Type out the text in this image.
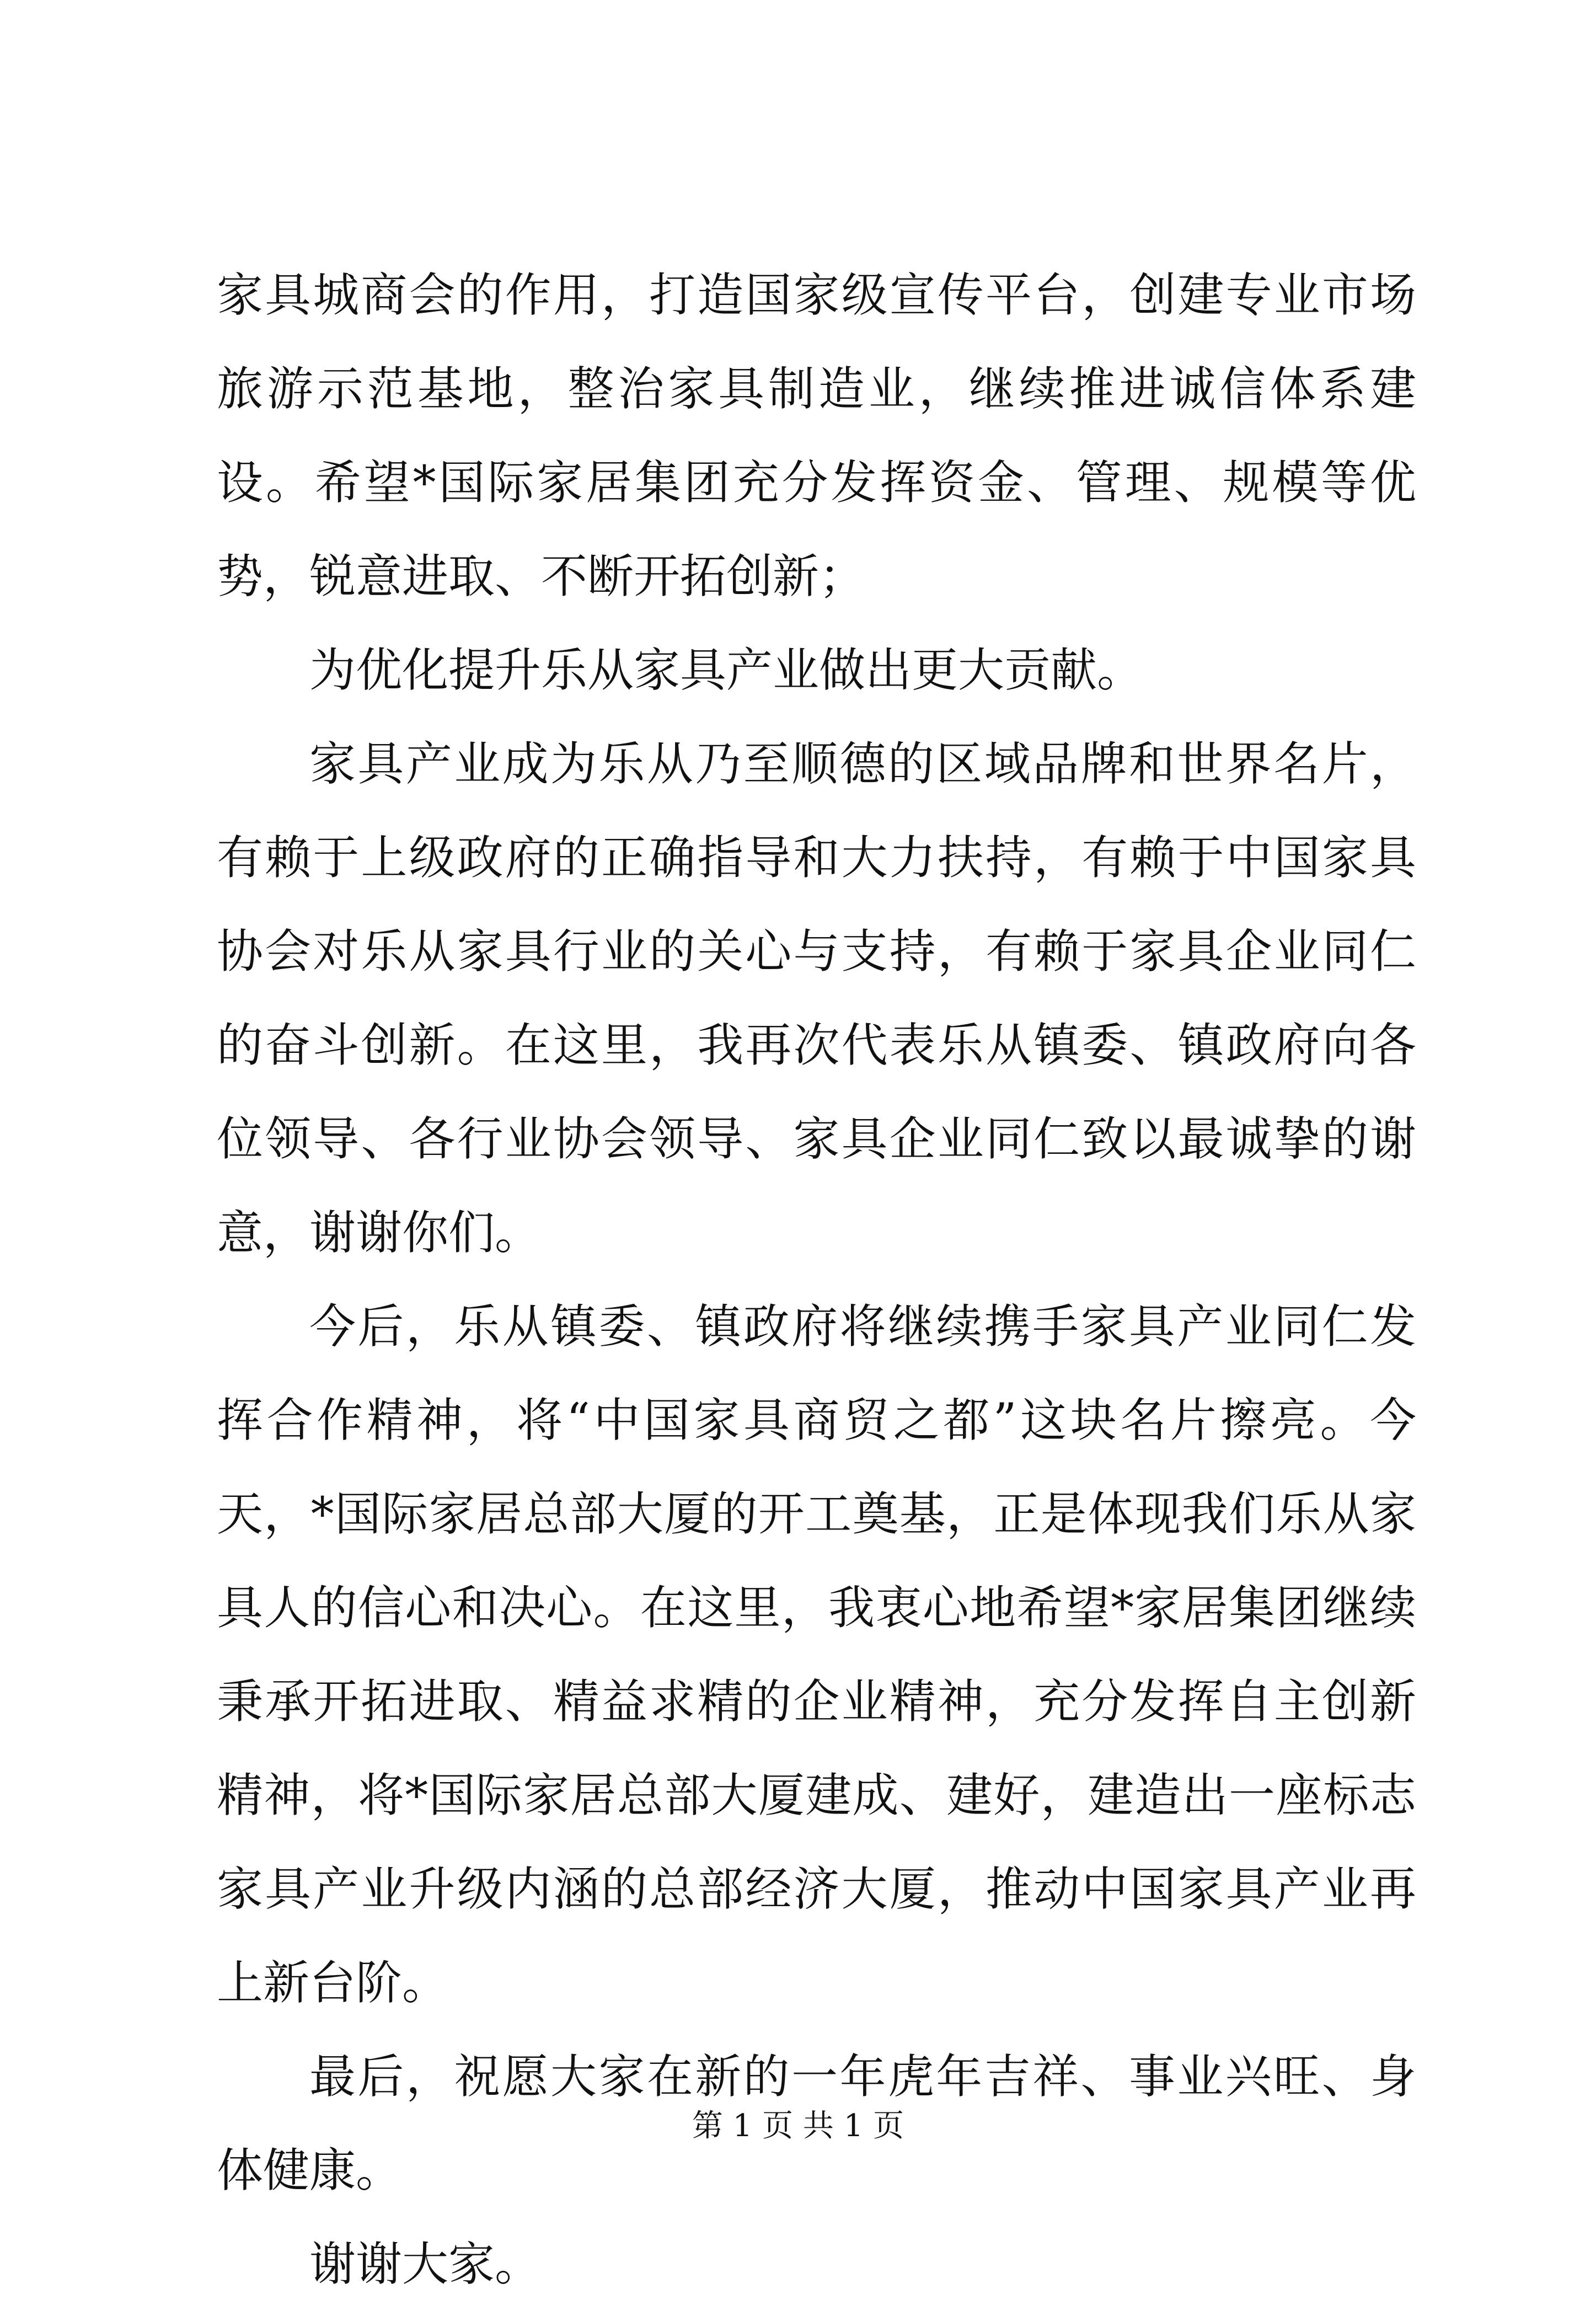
家具城商会的作用，打造国家级宣传平台，创建专业市场旅游示范基地，整治家具制造业，继续推进诚信体系建设。希望*国际家居集团充分发挥资金、管理、规模等优势，锐意进取、不断开拓创新；

为优化提升乐从家具产业做出更大贡献。

家具产业成为乐从乃至顺德的区域品牌和世界名片，有赖于上级政府的正确指导和大力扶持，有赖于中国家具协会对乐从家具行业的关心与支持，有赖于家具企业同仁的奋斗创新。在这里，我再次代表乐从镇委、镇政府向各位领导、各行业协会领导、家具企业同仁致以最诚挚的谢意，谢谢你们。

今后，乐从镇委、镇政府将继续携手家具产业同仁发挥合作精神，将“中国家具商贸之都”这块名片擦亮。今天，*国际家居总部大厦的开工奠基，正是体现我们乐从家具人的信心和决心。在这里，我衷心地希望*家居集团继续秉承开拓进取、精益求精的企业精神，充分发挥自主创新精神，将*国际家居总部大厦建成、建好，建造出一座标志家具产业升级内涵的总部经济大厦，推动中国家具产业再上新台阶。

最后，祝愿大家在新的一年虎年吉祥、事业兴旺、身体健康。

谢谢大家。

第 1 页 共 1 页
